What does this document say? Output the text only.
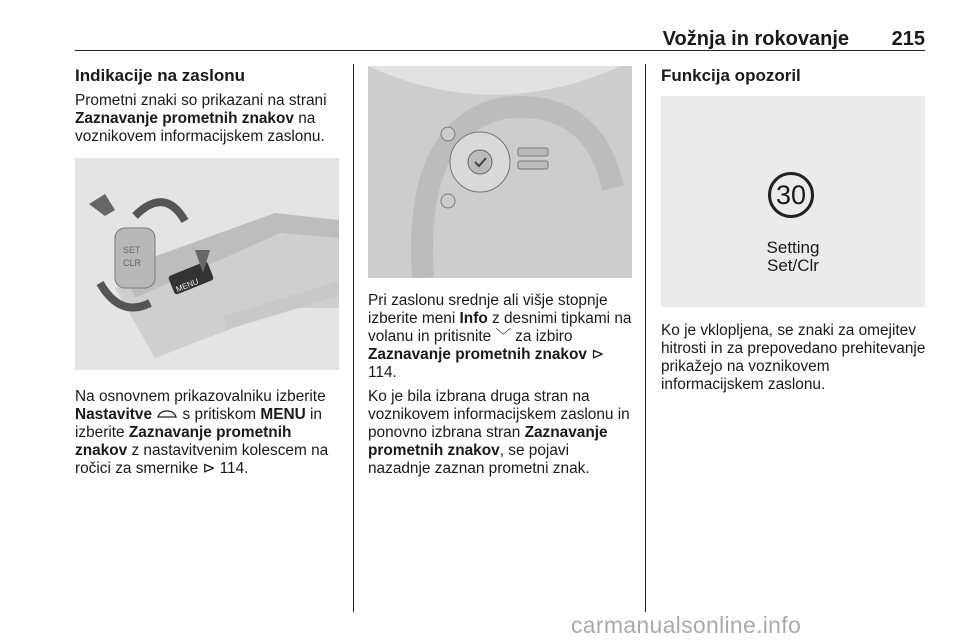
Vožnja in rokovanje 215
Indikacije na zaslonu

Prometni znaki so prikazani na strani Zaznavanje prometnih znakov na voznikovem informacijskem zaslonu.

SET
CLR
MENU

Na osnovnem prikazovalniku izberite Nastavitve  s pritiskom MENU in izberite Zaznavanje prometnih znakov z nastavitvenim kolescem na ročici za smernike ⊳ 114.

Pri zaslonu srednje ali višje stopnje izberite meni Info z desnimi tipkami na volanu in pritisnite ﹀ za izbiro Zaznavanje prometnih znakov ⊳ 114.

Ko je bila izbrana druga stran na voznikovem informacijskem zaslonu in ponovno izbrana stran Zaznavanje prometnih znakov, se pojavi nazadnje zaznan prometni znak.

Funkcija opozoril
30
Setting
Set/Clr

Ko je vklopljena, se znaki za omejitev hitrosti in za prepovedano prehitevanje prikažejo na voznikovem informacijskem zaslonu.

carmanualsonline.info
